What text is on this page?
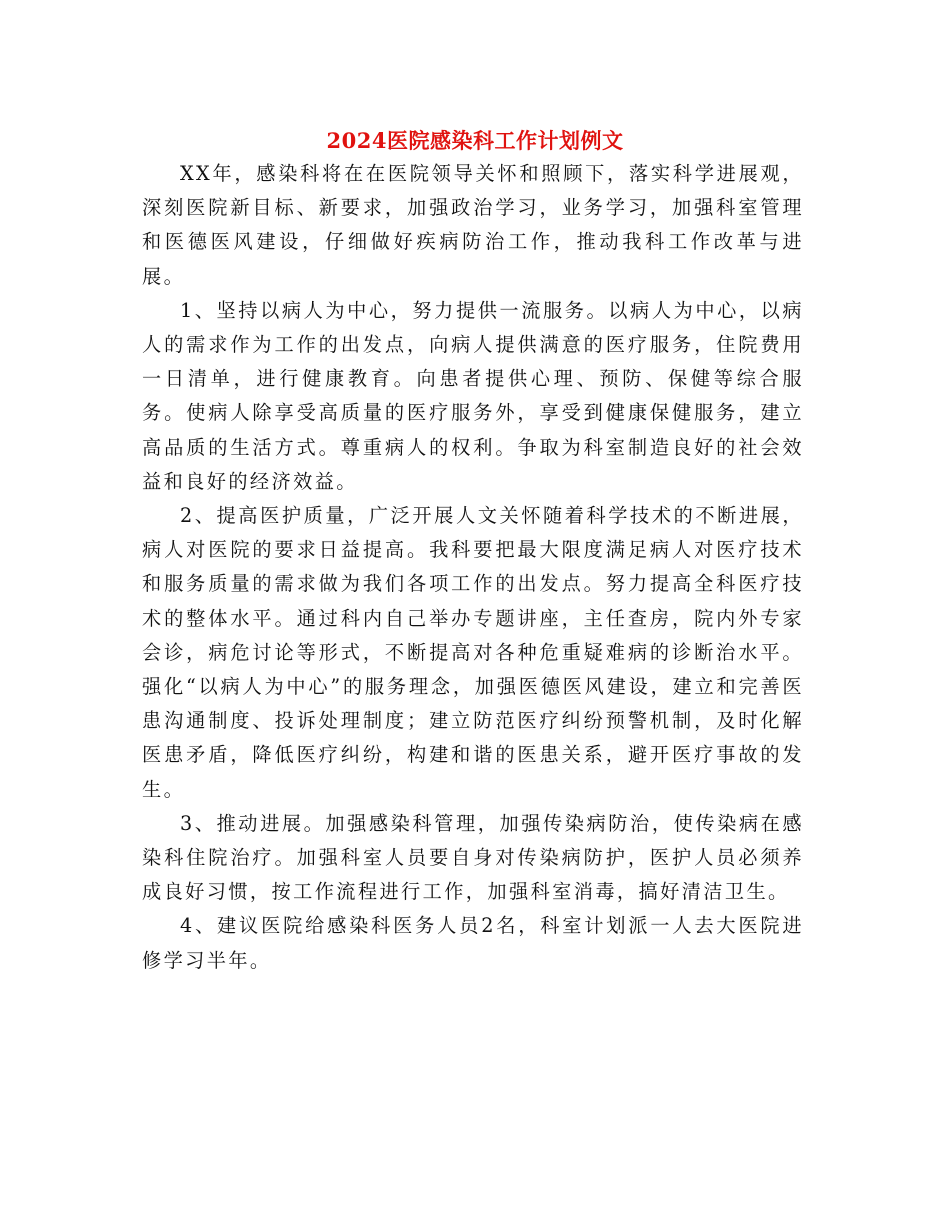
2024医院感染科工作计划例文

XX年，感染科将在在医院领导关怀和照顾下，落实科学进展观，深刻医院新目标、新要求，加强政治学习，业务学习，加强科室管理和医德医风建设，仔细做好疾病防治工作，推动我科工作改革与进展。

1、坚持以病人为中心，努力提供一流服务。以病人为中心，以病人的需求作为工作的出发点，向病人提供满意的医疗服务，住院费用一日清单，进行健康教育。向患者提供心理、预防、保健等综合服务。使病人除享受高质量的医疗服务外，享受到健康保健服务，建立高品质的生活方式。尊重病人的权利。争取为科室制造良好的社会效益和良好的经济效益。

2、提高医护质量，广泛开展人文关怀随着科学技术的不断进展，病人对医院的要求日益提高。我科要把最大限度满足病人对医疗技术和服务质量的需求做为我们各项工作的出发点。努力提高全科医疗技术的整体水平。通过科内自己举办专题讲座，主任查房，院内外专家会诊，病危讨论等形式，不断提高对各种危重疑难病的诊断治水平。强化“以病人为中心”的服务理念，加强医德医风建设，建立和完善医患沟通制度、投诉处理制度；建立防范医疗纠纷预警机制，及时化解医患矛盾，降低医疗纠纷，构建和谐的医患关系，避开医疗事故的发生。

3、推动进展。加强感染科管理，加强传染病防治，使传染病在感染科住院治疗。加强科室人员要自身对传染病防护，医护人员必须养成良好习惯，按工作流程进行工作，加强科室消毒，搞好清洁卫生。

4、建议医院给感染科医务人员2名，科室计划派一人去大医院进修学习半年。
